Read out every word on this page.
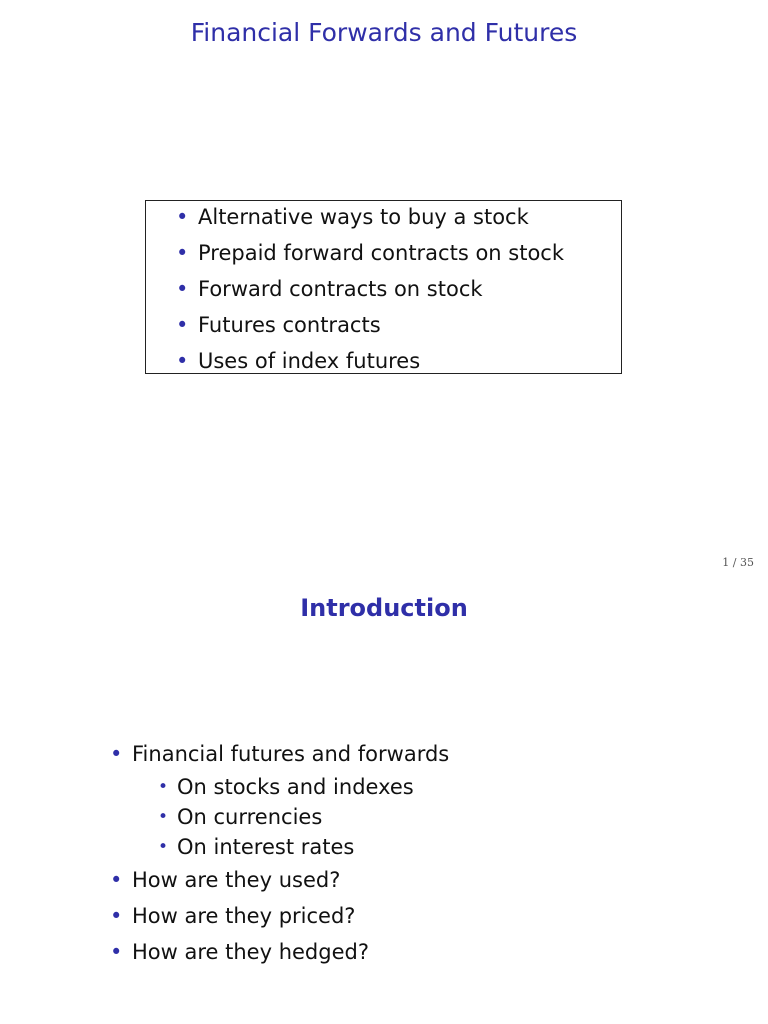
Financial Forwards and Futures
• Alternative ways to buy a stock
• Prepaid forward contracts on stock
• Forward contracts on stock
• Futures contracts
• Uses of index futures
1 / 35
Introduction
• Financial futures and forwards
• On stocks and indexes
• On currencies
• On interest rates
• How are they used?
• How are they priced?
• How are they hedged?
